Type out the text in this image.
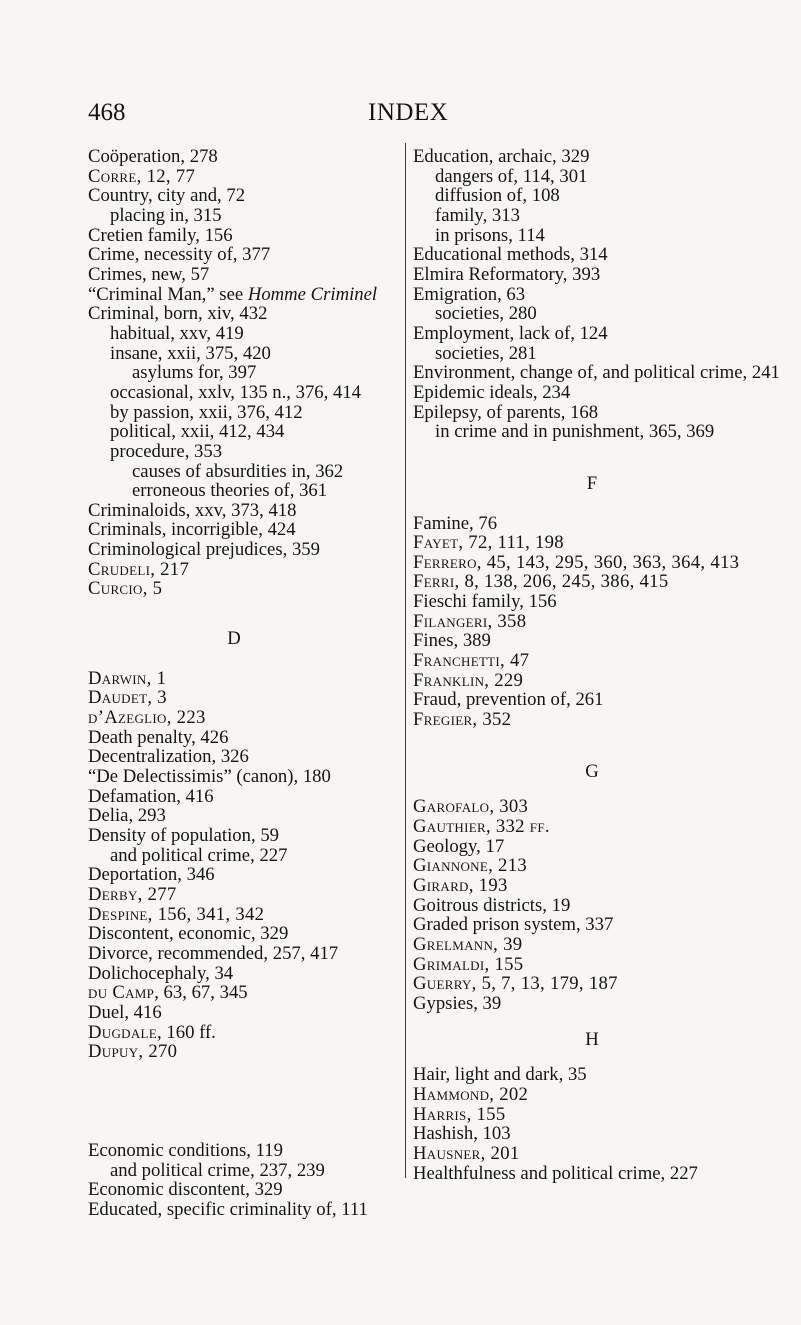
468	INDEX

Coöperation, 278

Corre, 12, 77

Country, city and, 72

placing in, 315

Cretien family, 156

Crime, necessity of, 377

Crimes, new, 57

“Criminal Man,” see Homme Criminel

Criminal, born, xiv, 432

habitual, xxv, 419

insane, xxii, 375, 420

asylums for, 397

occasional, xxlv, 135 n., 376, 414

by passion, xxii, 376, 412

political, xxii, 412, 434

procedure, 353

causes of absurdities in, 362

erroneous theories of, 361

Criminaloids, xxv, 373, 418

Criminals, incorrigible, 424

Criminological prejudices, 359

Crudeli, 217

Curcio, 5

D

Darwin, 1

Daudet, 3

d’Azeglio, 223

Death penalty, 426

Decentralization, 326

“De Delectissimis” (canon), 180

Defamation, 416

Delia, 293

Density of population, 59

and political crime, 227

Deportation, 346

Derby, 277

Despine, 156, 341, 342

Discontent, economic, 329

Divorce, recommended, 257, 417

Dolichocephaly, 34

du Camp, 63, 67, 345

Duel, 416

Dugdale, 160 ff.

Dupuy, 270

Economic conditions, 119

and political crime, 237, 239

Economic discontent, 329

Educated, specific criminality of, 111

Education, archaic, 329

dangers of, 114, 301

diffusion of, 108

family, 313

in prisons, 114

Educational methods, 314

Elmira Reformatory, 393

Emigration, 63

societies, 280

Employment, lack of, 124

societies, 281

Environment, change of, and political crime, 241

Epidemic ideals, 234

Epilepsy, of parents, 168

in crime and in punishment, 365, 369

F

Famine, 76

Fayet, 72, 111, 198

Ferrero, 45, 143, 295, 360, 363, 364, 413

Ferri, 8, 138, 206, 245, 386, 415

Fieschi family, 156

Filangeri, 358

Fines, 389

Franchetti, 47

Franklin, 229

Fraud, prevention of, 261

Fregier, 352

G

Garofalo, 303

Gauthier, 332 ff.

Geology, 17

Giannone, 213

Girard, 193

Goitrous districts, 19

Graded prison system, 337

Grelmann, 39

Grimaldi, 155

Guerry, 5, 7, 13, 179, 187

Gypsies, 39

H

Hair, light and dark, 35

Hammond, 202

Harris, 155

Hashish, 103

Hausner, 201

Healthfulness and political crime, 227
